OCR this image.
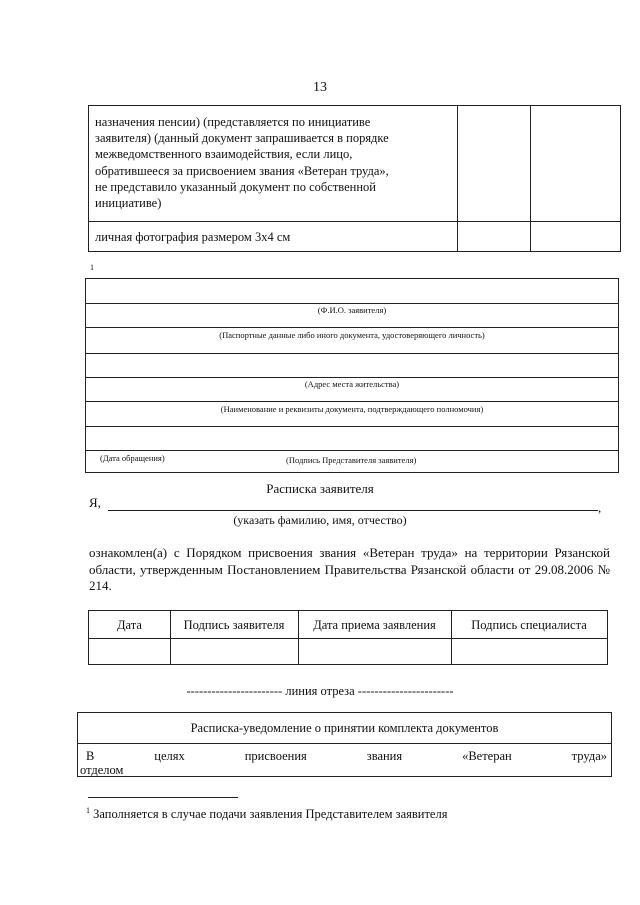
13
назначения пенсии) (представляется по инициативе
заявителя) (данный документ запрашивается в порядке
межведомственного взаимодействия, если лицо,
обратившееся за присвоением звания «Ветеран труда»,
не представило указанный документ по собственной
инициативе)
личная фотография размером 3х4 см
1
(Ф.И.О. заявителя)
(Паспортные данные либо иного документа, удостоверяющего личность)
(Адрес места жительства)
(Наименование и реквизиты документа, подтверждающего полномочия)
(Дата обращения)	(Подпись Представителя заявителя)
Расписка заявителя
Я,	,
(указать фамилию, имя, отчество)
ознакомлен(а) с Порядком присвоения звания «Ветеран труда» на территории Рязанской области, утвержденным Постановлением Правительства Рязанской области от 29.08.2006 № 214.
Дата	Подпись заявителя	Дата приема заявления	Подпись специалиста
----------------------- линия отреза -----------------------
Расписка-уведомление о принятии комплекта документов
В	целях	присвоения	звания	«Ветеран	труда»
отделом
$^1$ Заполняется в случае подачи заявления Представителем заявителя
